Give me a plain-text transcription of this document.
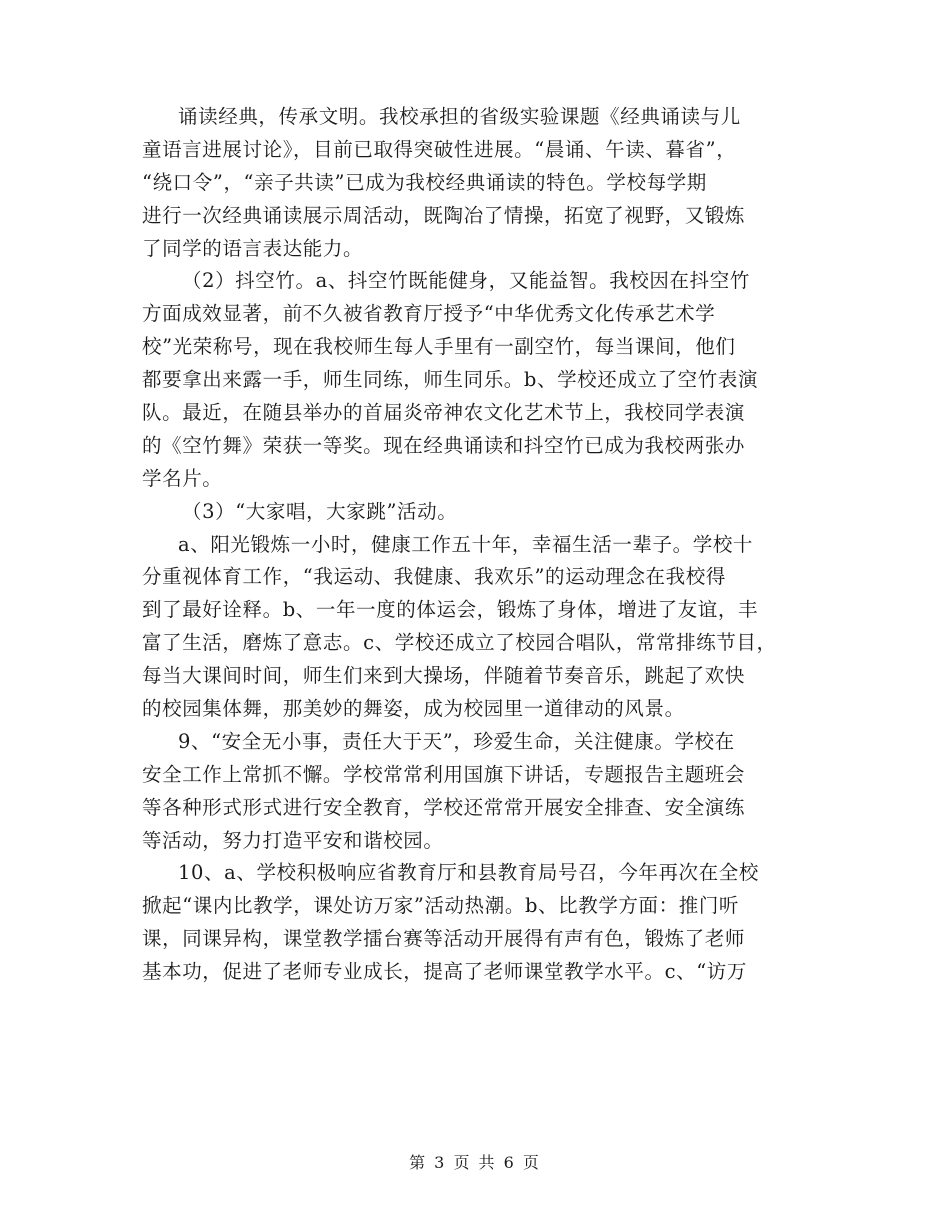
诵读经典，传承文明。我校承担的省级实验课题《经典诵读与儿
童语言进展讨论》，目前已取得突破性进展。“晨诵、午读、暮省”，
“绕口令”，“亲子共读”已成为我校经典诵读的特色。学校每学期
进行一次经典诵读展示周活动，既陶冶了情操，拓宽了视野，又锻炼
了同学的语言表达能力。
（2）抖空竹。a、抖空竹既能健身，又能益智。我校因在抖空竹
方面成效显著，前不久被省教育厅授予“中华优秀文化传承艺术学
校”光荣称号，现在我校师生每人手里有一副空竹，每当课间，他们
都要拿出来露一手，师生同练，师生同乐。b、学校还成立了空竹表演
队。最近，在随县举办的首届炎帝神农文化艺术节上，我校同学表演
的《空竹舞》荣获一等奖。现在经典诵读和抖空竹已成为我校两张办
学名片。
（3）“大家唱，大家跳”活动。
a、阳光锻炼一小时，健康工作五十年，幸福生活一辈子。学校十
分重视体育工作，“我运动、我健康、我欢乐”的运动理念在我校得
到了最好诠释。b、一年一度的体运会，锻炼了身体，增进了友谊，丰
富了生活，磨炼了意志。c、学校还成立了校园合唱队，常常排练节目，
每当大课间时间，师生们来到大操场，伴随着节奏音乐，跳起了欢快
的校园集体舞，那美妙的舞姿，成为校园里一道律动的风景。
9、“安全无小事，责任大于天”，珍爱生命，关注健康。学校在
安全工作上常抓不懈。学校常常利用国旗下讲话，专题报告主题班会
等各种形式形式进行安全教育，学校还常常开展安全排查、安全演练
等活动，努力打造平安和谐校园。
10、a、学校积极响应省教育厅和县教育局号召，今年再次在全校
掀起“课内比教学，课处访万家”活动热潮。b、比教学方面：推门听
课，同课异构，课堂教学擂台赛等活动开展得有声有色，锻炼了老师
基本功，促进了老师专业成长，提高了老师课堂教学水平。c、“访万
第 3 页 共 6 页
